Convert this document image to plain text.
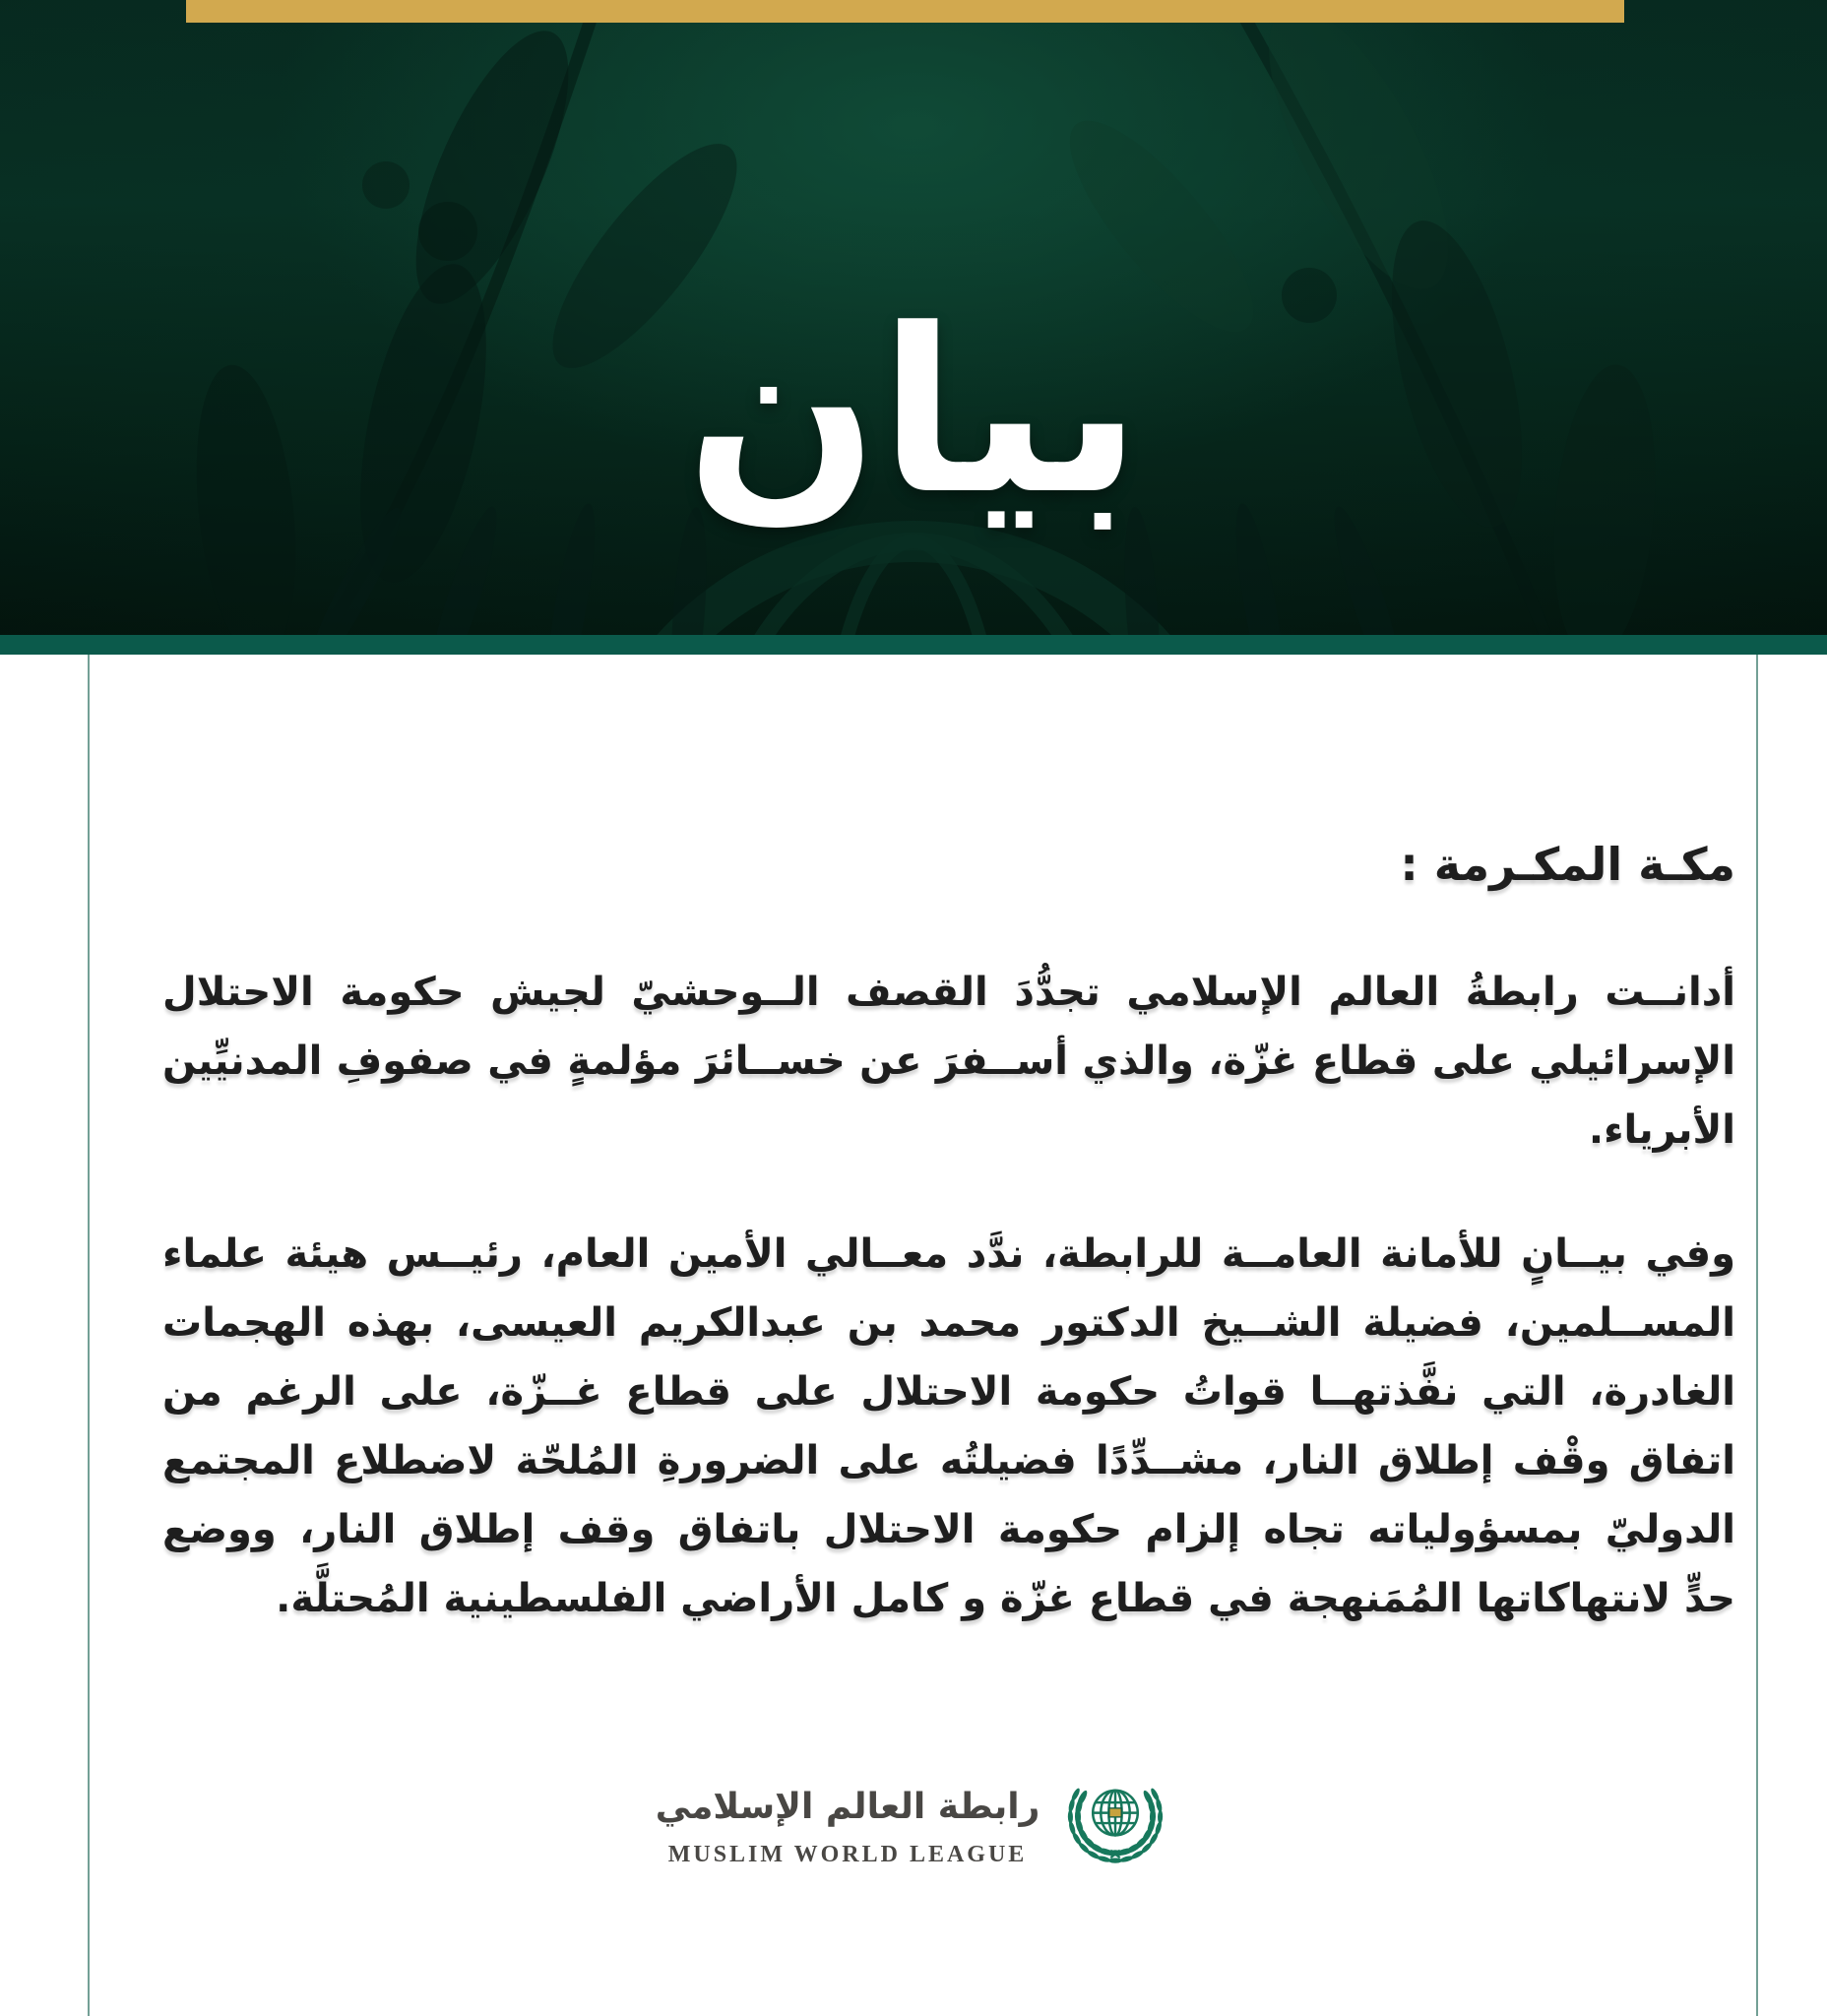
بيان
مكـة المكـرمة :
أدانــت رابطةُ العالم الإسلامي تجدُّدَ القصف الــوحشيّ لجيش حكومة الاحتلال
الإسرائيلي على قطاع غزّة، والذي أســفرَ عن خســائرَ مؤلمةٍ في صفوفِ المدنيِّين
الأبرياء.
وفي بيــانٍ للأمانة العامــة للرابطة، ندَّد معــالي الأمين العام، رئيــس هيئة علماء
المســلمين، فضيلة الشــيخ الدكتور محمد بن عبدالكريم العيسى، بهذه الهجمات
الغادرة، التي نفَّذتهــا قواتُ حكومة الاحتلال على قطاع غــزّة، على الرغم من
اتفاق وقْف إطلاق النار، مشــدِّدًا فضيلتُه على الضرورةِ المُلحّة لاضطلاع المجتمع
الدوليّ بمسؤولياته تجاه إلزام حكومة الاحتلال باتفاق وقف إطلاق النار، ووضع
حدٍّ لانتهاكاتها المُمَنهجة في قطاع غزّة و كامل الأراضي الفلسطينية المُحتلَّة.
رابطة العالم الإسلامي
MUSLIM WORLD LEAGUE
